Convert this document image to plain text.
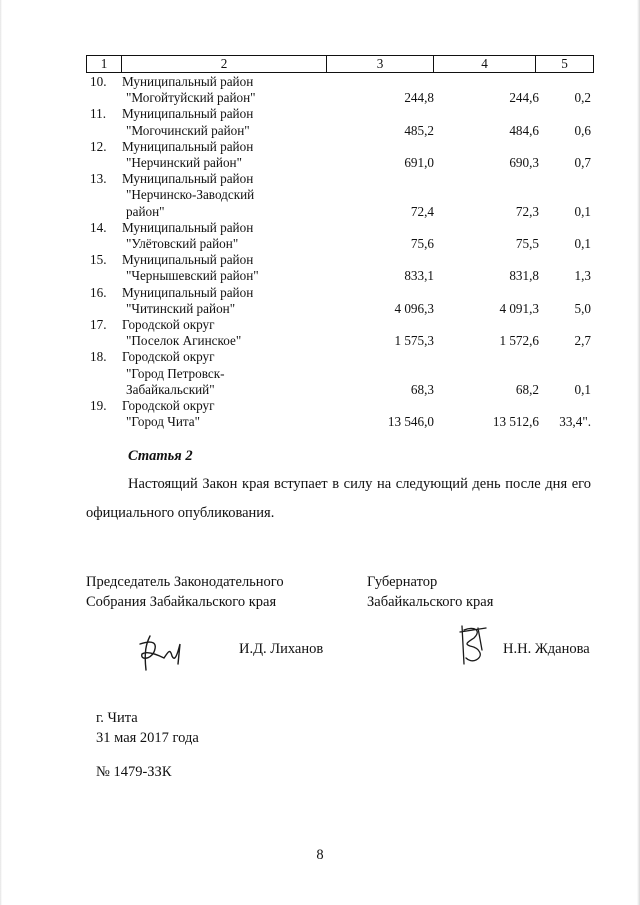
1	2	3	4	5
10.	Муниципальный район
"Могойтуйский район"	244,8	244,6	0,2
11.	Муниципальный район
"Могочинский район"	485,2	484,6	0,6
12.	Муниципальный район
"Нерчинский район"	691,0	690,3	0,7
13.	Муниципальный район
"Нерчинско-Заводский
район"	72,4	72,3	0,1
14.	Муниципальный район
"Улётовский район"	75,6	75,5	0,1
15.	Муниципальный район
"Чернышевский район"	833,1	831,8	1,3
16.	Муниципальный район
"Читинский район"	4 096,3	4 091,3	5,0
17.	Городской округ
"Поселок Агинское"	1 575,3	1 572,6	2,7
18.	Городской округ
"Город Петровск-
Забайкальский"	68,3	68,2	0,1
19.	Городской округ
"Город Чита"	13 546,0	13 512,6	33,4".
Статья 2

Настоящий Закон края вступает в силу на следующий день после дня его официального опубликования.

Председатель Законодательного
Собрания Забайкальского края
Губернатор
Забайкальского края
И.Д. Лиханов	Н.Н. Жданова
г. Чита
31 мая 2017 года
№ 1479-ЗЗК
8
